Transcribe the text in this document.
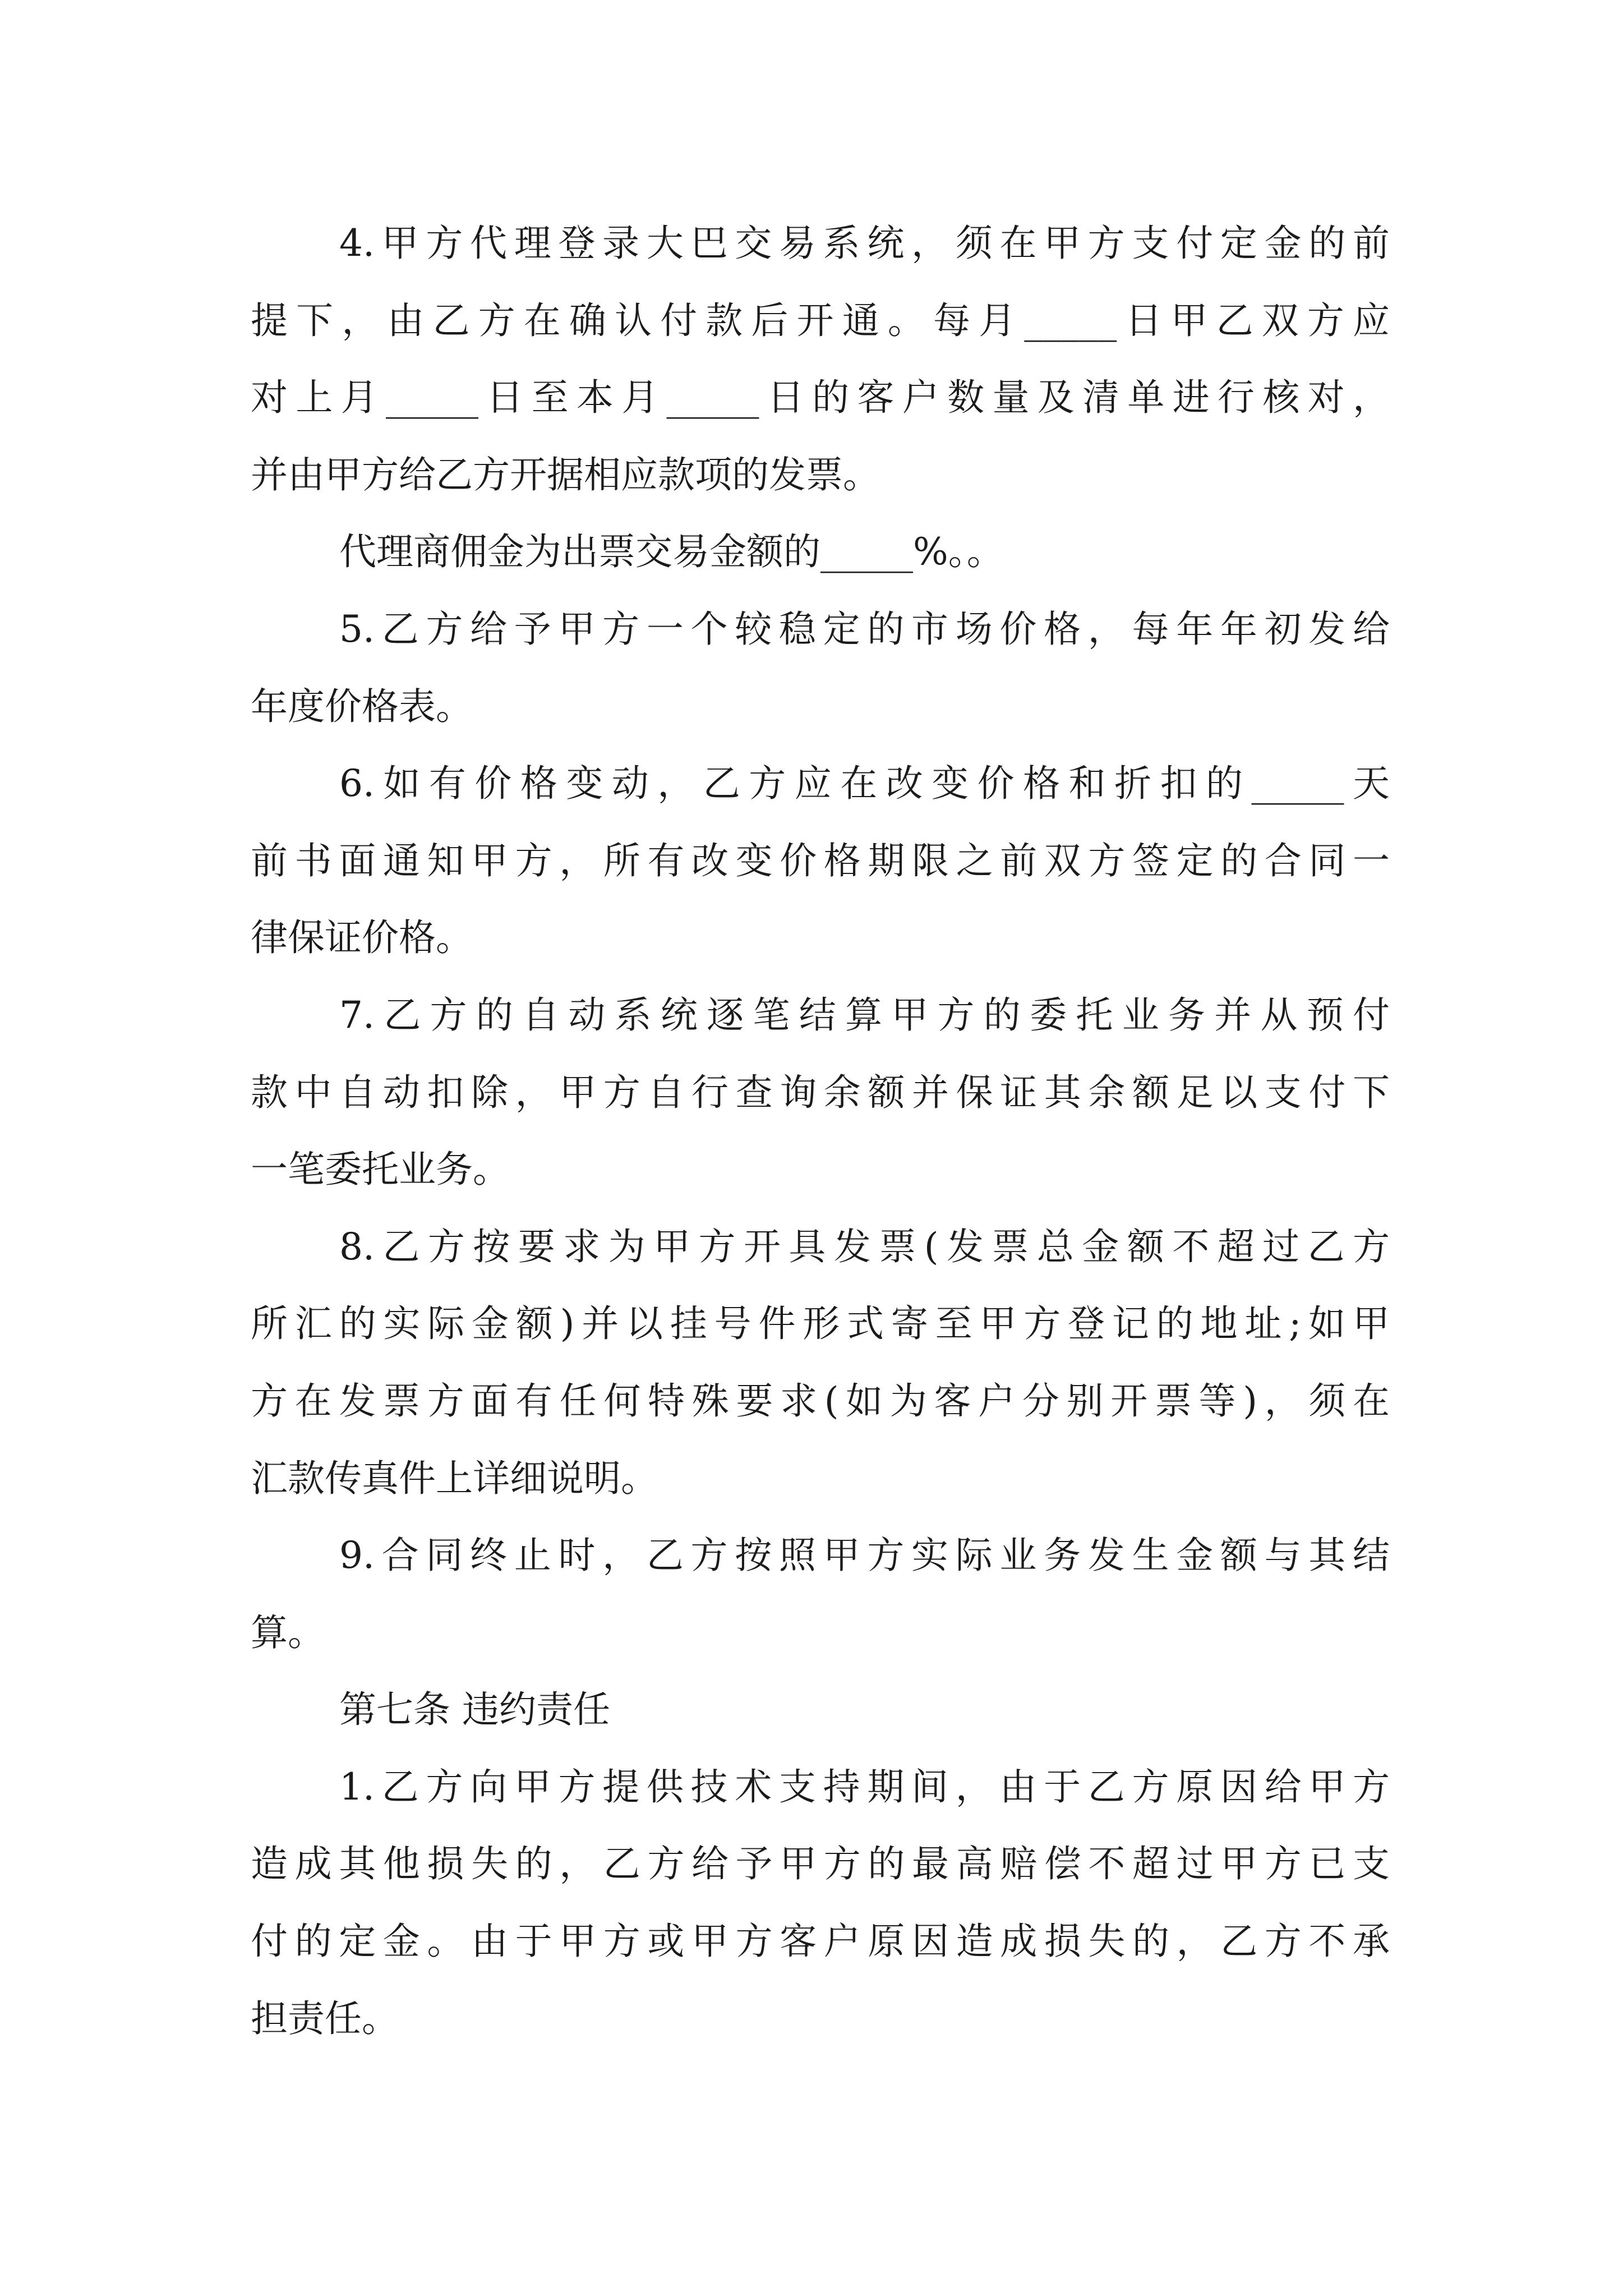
4.甲方代理登录大巴交易系统，须在甲方支付定金的前
提下，由乙方在确认付款后开通。每月_____日甲乙双方应
对上月_____日至本月_____日的客户数量及清单进行核对，
并由甲方给乙方开据相应款项的发票。
代理商佣金为出票交易金额的_____%。。
5.乙方给予甲方一个较稳定的市场价格，每年年初发给
年度价格表。
6.如有价格变动，乙方应在改变价格和折扣的_____天
前书面通知甲方，所有改变价格期限之前双方签定的合同一
律保证价格。
7.乙方的自动系统逐笔结算甲方的委托业务并从预付
款中自动扣除，甲方自行查询余额并保证其余额足以支付下
一笔委托业务。
8.乙方按要求为甲方开具发票(发票总金额不超过乙方
所汇的实际金额)并以挂号件形式寄至甲方登记的地址;如甲
方在发票方面有任何特殊要求(如为客户分别开票等)，须在
汇款传真件上详细说明。
9.合同终止时，乙方按照甲方实际业务发生金额与其结
算。
第七条 违约责任
1.乙方向甲方提供技术支持期间，由于乙方原因给甲方
造成其他损失的，乙方给予甲方的最高赔偿不超过甲方已支
付的定金。由于甲方或甲方客户原因造成损失的，乙方不承
担责任。
